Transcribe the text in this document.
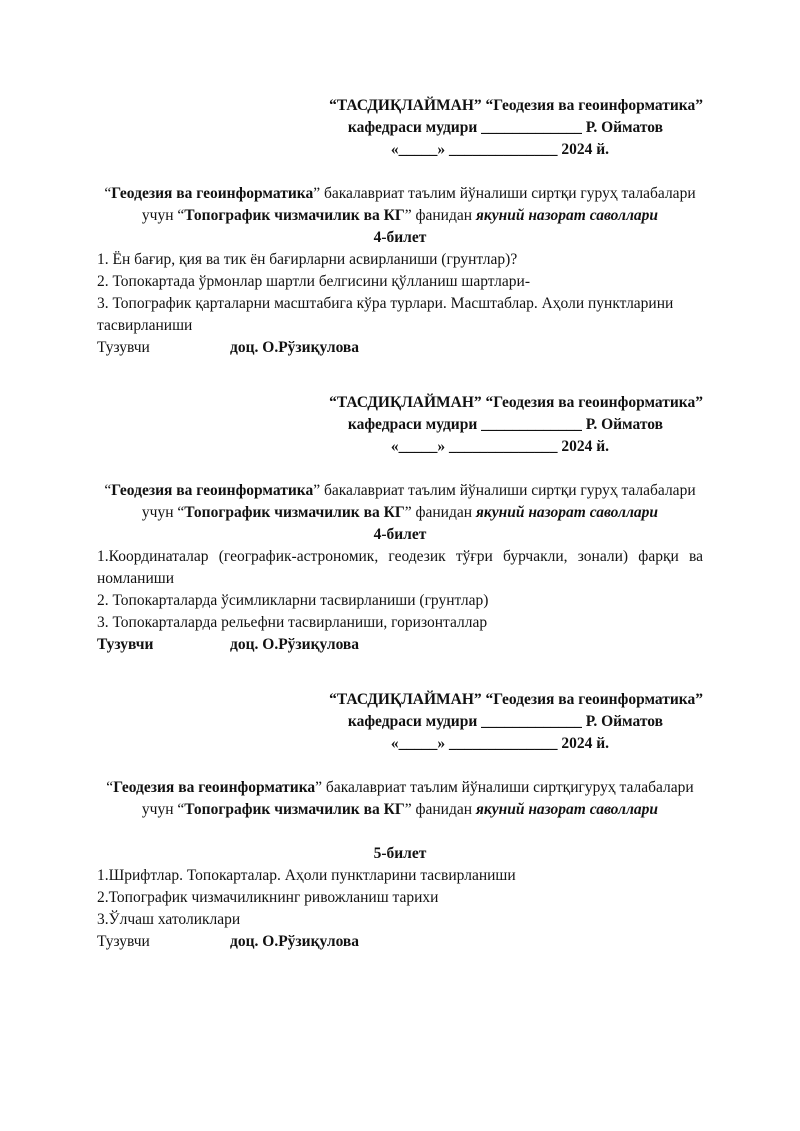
“ТАСДИҚЛАЙМАН” “Геодезия ва геоинформатика”
кафедраси мудири _____________ Р. Ойматов
«_____» ______________ 2024 й.
“Геодезия ва геоинформатика” бакалавриат таълим йўналиши сиртқи гуруҳ талабалари учун “Топографик чизмачилик ва КГ” фанидан якуний назорат саволлари
4-билет
1. Ён бағир, қия ва тик ён бағирларни асвирланиши (грунтлар)?
2. Топокартада ўрмонлар шартли белгисини қўлланиш шартлари-
3. Топографик қарталарни масштабига кўра турлари. Масштаблар. Аҳоли пунктларини тасвирланиши
Тузувчи	доц. О.Рўзиқулова
“ТАСДИҚЛАЙМАН” “Геодезия ва геоинформатика”
кафедраси мудири _____________ Р. Ойматов
«_____» ______________ 2024 й.
“Геодезия ва геоинформатика” бакалавриат таълим йўналиши сиртқи гуруҳ талабалари учун “Топографик чизмачилик ва КГ” фанидан якуний назорат саволлари
4-билет
1.Координаталар (географик-астрономик, геодезик тўғри бурчакли, зонали) фарқи ва номланиши
2. Топокарталарда ўсимликларни тасвирланиши (грунтлар)
3. Топокарталарда рельефни тасвирланиши, горизонталлар
Тузувчи	доц. О.Рўзиқулова
“ТАСДИҚЛАЙМАН” “Геодезия ва геоинформатика”
кафедраси мудири _____________ Р. Ойматов
«_____» ______________ 2024 й.
“Геодезия ва геоинформатика” бакалавриат таълим йўналиши сиртқигуруҳ талабалари учун “Топографик чизмачилик ва КГ” фанидан якуний назорат саволлари
5-билет
1.Шрифтлар. Топокарталар. Аҳоли пунктларини тасвирланиши
2.Топографик чизмачиликнинг ривожланиш тарихи
3.Ўлчаш хатоликлари
Тузувчи	доц. О.Рўзиқулова
